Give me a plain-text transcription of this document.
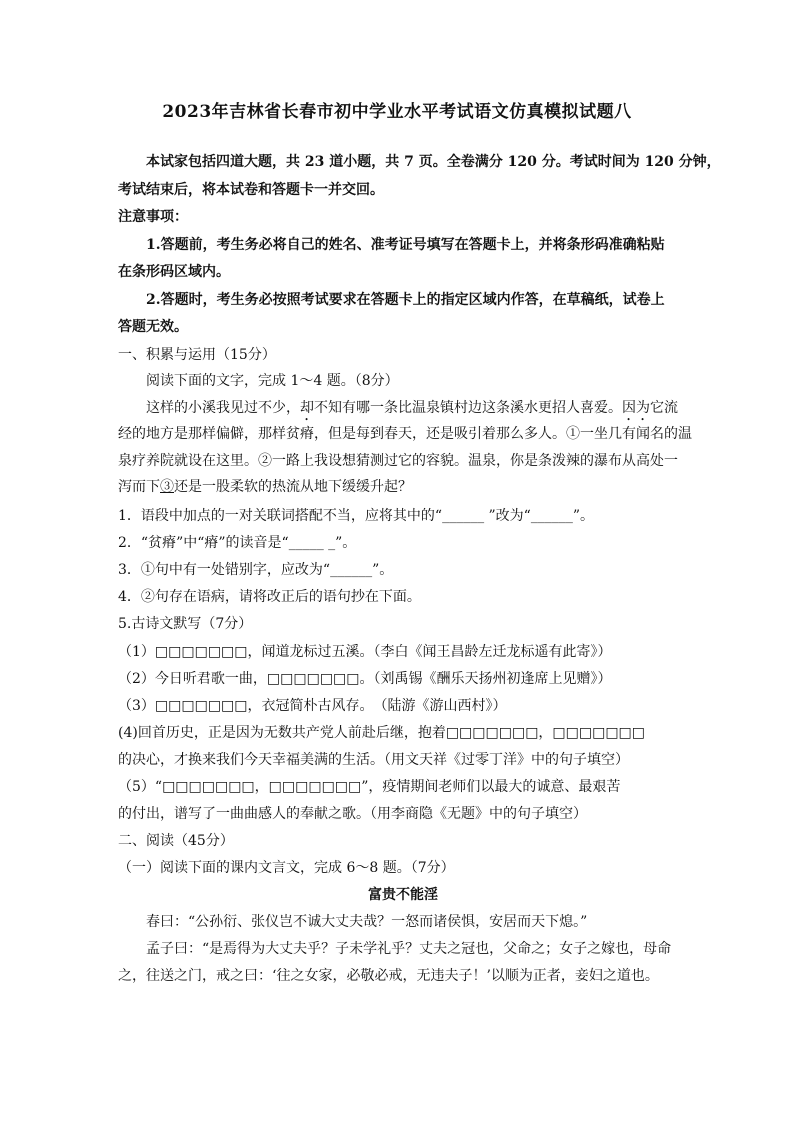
2023年吉林省长春市初中学业水平考试语文仿真模拟试题八
本试家包括四道大题，共 23 道小题，共 7 页。全卷满分 120 分。考试时间为 120 分钟，
考试结束后，将本试卷和答题卡一并交回。
注意事项：
1.答题前，考生务必将自己的姓名、准考证号填写在答题卡上，并将条形码准确粘贴
在条形码区域内。
2.答题时，考生务必按照考试要求在答题卡上的指定区域内作答，在草稿纸，试卷上
答题无效。
一、积累与运用（15分）
阅读下面的文字，完成 1～4 题。（8分）
这样的小溪我见过不少，却不知有哪一条比温泉镇村边这条溪水更招人喜爱。因为它流
经的地方是那样偏僻，那样贫瘠，但是每到春天，还是吸引着那么多人。①一坐几有闻名的温
泉疗养院就设在这里。②一路上我设想猜测过它的容貌。温泉，你是条泼辣的瀑布从高处一
泻而下③还是一股柔软的热流从地下缓缓升起？
1．语段中加点的一对关联词搭配不当，应将其中的“______ ”改为“______”。
2．“贫瘠”中“瘠”的读音是“_____ _”。
3．①句中有一处错别字，应改为“______”。
4．②句存在语病，请将改正后的语句抄在下面。
5.古诗文默写（7分）
（1）□□□□□□□，闻道龙标过五溪。（李白《闻王昌龄左迁龙标遥有此寄》）
（2）今日听君歌一曲，□□□□□□□。（刘禹锡《酬乐天扬州初逢席上见赠》）
（3）□□□□□□□，衣冠简朴古风存。　（陆游《游山西村》）
(4)回首历史，正是因为无数共产党人前赴后继，抱着□□□□□□□，□□□□□□□
的决心，才换来我们今天幸福美满的生活。（用文天祥《过零丁洋》中的句子填空）
（5）“□□□□□□□，□□□□□□□”，疫情期间老师们以最大的诚意、最艰苦
的付出，谱写了一曲曲感人的奉献之歌。（用李商隐《无题》中的句子填空）
二、阅读（45分）
（一）阅读下面的课内文言文，完成 6～8 题。（7分）
富贵不能淫
春曰：“公孙衍、张仪岂不诚大丈夫哉？一怒而诸侯惧，安居而天下熄。”
孟子曰：“是焉得为大丈夫乎？子未学礼乎？丈夫之冠也，父命之；女子之嫁也，母命
之，往送之门，戒之曰：‘往之女家，必敬必戒，无违夫子！’以顺为正者，妾妇之道也。
